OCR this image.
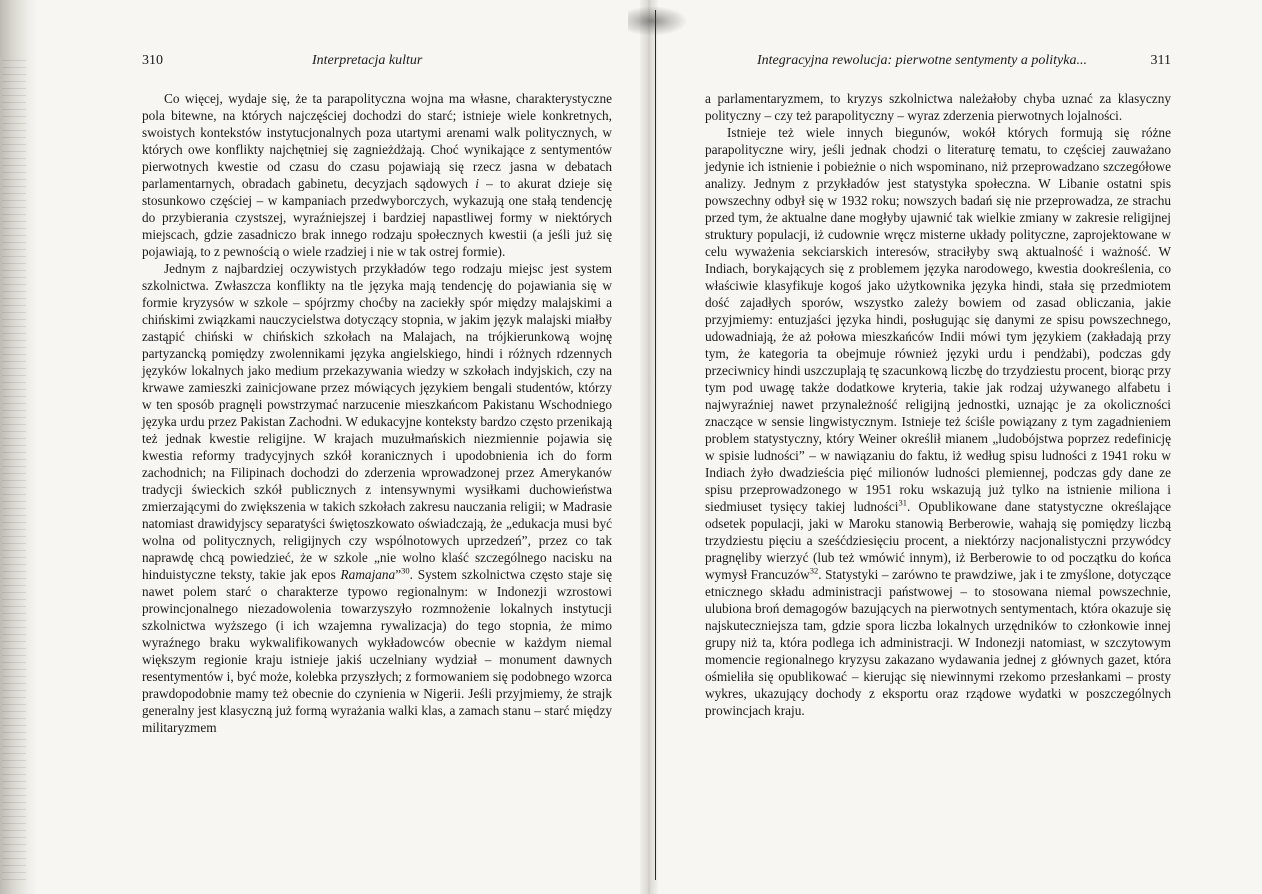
310	Interpretacja kultur

Co więcej, wydaje się, że ta parapolityczna wojna ma własne, charakterystyczne pola bitewne, na których najczęściej dochodzi do starć; istnieje wiele konkretnych, swoistych kontekstów instytucjonalnych poza utartymi arenami walk politycznych, w których owe konflikty najchętniej się zagnieżdżają. Choć wynikające z sentymentów pierwotnych kwestie od czasu do czasu pojawiają się rzecz jasna w debatach parlamentarnych, obradach gabinetu, decyzjach sądowych i – to akurat dzieje się stosunkowo częściej – w kampaniach przedwyborczych, wykazują one stałą tendencję do przybierania czystszej, wyraźniejszej i bardziej napastliwej formy w niektórych miejscach, gdzie zasadniczo brak innego rodzaju społecznych kwestii (a jeśli już się pojawiają, to z pewnością o wiele rzadziej i nie w tak ostrej formie).

Jednym z najbardziej oczywistych przykładów tego rodzaju miejsc jest system szkolnictwa. Zwłaszcza konflikty na tle języka mają tendencję do pojawiania się w formie kryzysów w szkole – spójrzmy choćby na zaciekły spór między malajskimi a chińskimi związkami nauczycielstwa dotyczący stopnia, w jakim język malajski miałby zastąpić chiński w chińskich szkołach na Malajach, na trójkierunkową wojnę partyzancką pomiędzy zwolennikami języka angielskiego, hindi i różnych rdzennych języków lokalnych jako medium przekazywania wiedzy w szkołach indyjskich, czy na krwawe zamieszki zainicjowane przez mówiących językiem bengali studentów, którzy w ten sposób pragnęli powstrzymać narzucenie mieszkańcom Pakistanu Wschodniego języka urdu przez Pakistan Zachodni. W edukacyjne konteksty bardzo często przenikają też jednak kwestie religijne. W krajach muzułmańskich niezmiennie pojawia się kwestia reformy tradycyjnych szkół koranicznych i upodobnienia ich do form zachodnich; na Filipinach dochodzi do zderzenia wprowadzonej przez Amerykanów tradycji świeckich szkół publicznych z intensywnymi wysiłkami duchowieństwa zmierzającymi do zwiększenia w takich szkołach zakresu nauczania religii; w Madrasie natomiast drawidyjscy separatyści świętoszkowato oświadczają, że „edukacja musi być wolna od politycznych, religijnych czy wspólnotowych uprzedzeń”, przez co tak naprawdę chcą powiedzieć, że w szkole „nie wolno klaść szczególnego nacisku na hinduistyczne teksty, takie jak epos Ramajana”$^{30}$. System szkolnictwa często staje się nawet polem starć o charakterze typowo regionalnym: w Indonezji wzrostowi prowincjonalnego niezadowolenia towarzyszyło rozmnożenie lokalnych instytucji szkolnictwa wyższego (i ich wzajemna rywalizacja) do tego stopnia, że mimo wyraźnego braku wykwalifikowanych wykładowców obecnie w każdym niemal większym regionie kraju istnieje jakiś uczelniany wydział – monument dawnych resentymentów i, być może, kolebka przyszłych; z formowaniem się podobnego wzorca prawdopodobnie mamy też obecnie do czynienia w Nigerii. Jeśli przyjmiemy, że strajk generalny jest klasyczną już formą wyrażania walki klas, a zamach stanu – starć między militaryzmem

Integracyjna rewolucja: pierwotne sentymenty a polityka...	311

a parlamentaryzmem, to kryzys szkolnictwa należałoby chyba uznać za klasyczny polityczny – czy też parapolityczny – wyraz zderzenia pierwotnych lojalności.

Istnieje też wiele innych biegunów, wokół których formują się różne parapolityczne wiry, jeśli jednak chodzi o literaturę tematu, to częściej zauważano jedynie ich istnienie i pobieżnie o nich wspominano, niż przeprowadzano szczegółowe analizy. Jednym z przykładów jest statystyka społeczna. W Libanie ostatni spis powszechny odbył się w 1932 roku; nowszych badań się nie przeprowadza, ze strachu przed tym, że aktualne dane mogłyby ujawnić tak wielkie zmiany w zakresie religijnej struktury populacji, iż cudownie wręcz misterne układy polityczne, zaprojektowane w celu wyważenia sekciarskich interesów, straciłyby swą aktualność i ważność. W Indiach, borykających się z problemem języka narodowego, kwestia dookreślenia, co właściwie klasyfikuje kogoś jako użytkownika języka hindi, stała się przedmiotem dość zajadłych sporów, wszystko zależy bowiem od zasad obliczania, jakie przyjmiemy: entuzjaści języka hindi, posługując się danymi ze spisu powszechnego, udowadniają, że aż połowa mieszkańców Indii mówi tym językiem (zakładają przy tym, że kategoria ta obejmuje również języki urdu i pendżabi), podczas gdy przeciwnicy hindi uszczuplają tę szacunkową liczbę do trzydziestu procent, biorąc przy tym pod uwagę także dodatkowe kryteria, takie jak rodzaj używanego alfabetu i najwyraźniej nawet przynależność religijną jednostki, uznając je za okoliczności znaczące w sensie lingwistycznym. Istnieje też ściśle powiązany z tym zagadnieniem problem statystyczny, który Weiner określił mianem „ludobójstwa poprzez redefinicję w spisie ludności” – w nawiązaniu do faktu, iż według spisu ludności z 1941 roku w Indiach żyło dwadzieścia pięć milionów ludności plemiennej, podczas gdy dane ze spisu przeprowadzonego w 1951 roku wskazują już tylko na istnienie miliona i siedmiuset tysięcy takiej ludności$^{31}$. Opublikowane dane statystyczne określające odsetek populacji, jaki w Maroku stanowią Berberowie, wahają się pomiędzy liczbą trzydziestu pięciu a sześćdziesięciu procent, a niektórzy nacjonalistyczni przywódcy pragnęliby wierzyć (lub też wmówić innym), iż Berberowie to od początku do końca wymysł Francuzów$^{32}$. Statystyki – zarówno te prawdziwe, jak i te zmyślone, dotyczące etnicznego składu administracji państwowej – to stosowana niemal powszechnie, ulubiona broń demagogów bazujących na pierwotnych sentymentach, która okazuje się najskuteczniejsza tam, gdzie spora liczba lokalnych urzędników to członkowie innej grupy niż ta, która podlega ich administracji. W Indonezji natomiast, w szczytowym momencie regionalnego kryzysu zakazano wydawania jednej z głównych gazet, która ośmieliła się opublikować – kierując się niewinnymi rzekomo przesłankami – prosty wykres, ukazujący dochody z eksportu oraz rządowe wydatki w poszczególnych prowincjach kraju.
